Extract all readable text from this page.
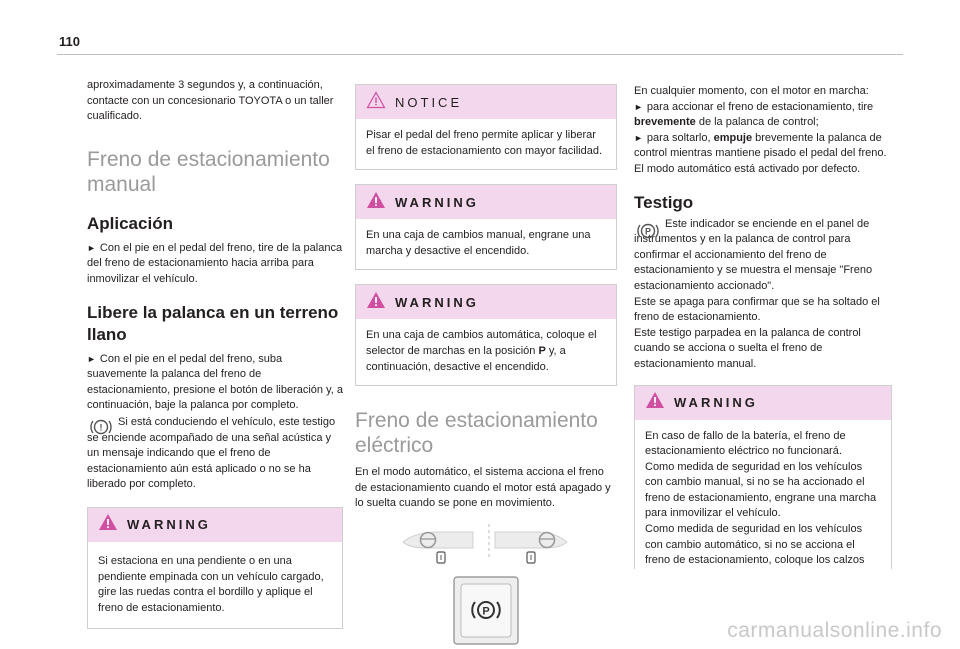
110

aproximadamente 3 segundos y, a continuación, contacte con un concesionario TOYOTA o un taller cualificado.

Freno de estacionamiento manual
Aplicación

► Con el pie en el pedal del freno, tire de la palanca del freno de estacionamiento hacia arriba para inmovilizar el vehículo.

Libere la palanca en un terreno llano

► Con el pie en el pedal del freno, suba suavemente la palanca del freno de estacionamiento, presione el botón de liberación y, a continuación, baje la palanca por completo.

!	Si está conduciendo el vehículo, este testigo se enciende acompañado de una señal acústica y un mensaje indicando que el freno de estacionamiento aún está aplicado o no se ha liberado por completo.

WARNING

Si estaciona en una pendiente o en una pendiente empinada con un vehículo cargado, gire las ruedas contra el bordillo y aplique el freno de estacionamiento.

NOTICE

Pisar el pedal del freno permite aplicar y liberar el freno de estacionamiento con mayor facilidad.

WARNING

En una caja de cambios manual, engrane una marcha y desactive el encendido.

WARNING

En una caja de cambios automática, coloque el selector de marchas en la posición P y, a continuación, desactive el encendido.

Freno de estacionamiento eléctrico

En el modo automático, el sistema acciona el freno de estacionamiento cuando el motor está apagado y lo suelta cuando se pone en movimiento.

P

En cualquier momento, con el motor en marcha:

► para accionar el freno de estacionamiento, tire brevemente de la palanca de control;

► para soltarlo, empuje brevemente la palanca de control mientras mantiene pisado el pedal del freno.

El modo automático está activado por defecto.

Testigo
P

Este indicador se enciende en el panel de instrumentos y en la palanca de control para confirmar el accionamiento del freno de estacionamiento y se muestra el mensaje "Freno estacionamiento accionado".

Este se apaga para confirmar que se ha soltado el freno de estacionamiento.

Este testigo parpadea en la palanca de control cuando se acciona o suelta el freno de estacionamiento manual.

WARNING

En caso de fallo de la batería, el freno de estacionamiento eléctrico no funcionará.

Como medida de seguridad en los vehículos con cambio manual, si no se ha accionado el freno de estacionamiento, engrane una marcha para inmovilizar el vehículo.

Como medida de seguridad en los vehículos con cambio automático, si no se acciona el freno de estacionamiento, coloque los calzos

carmanualsonline.info
